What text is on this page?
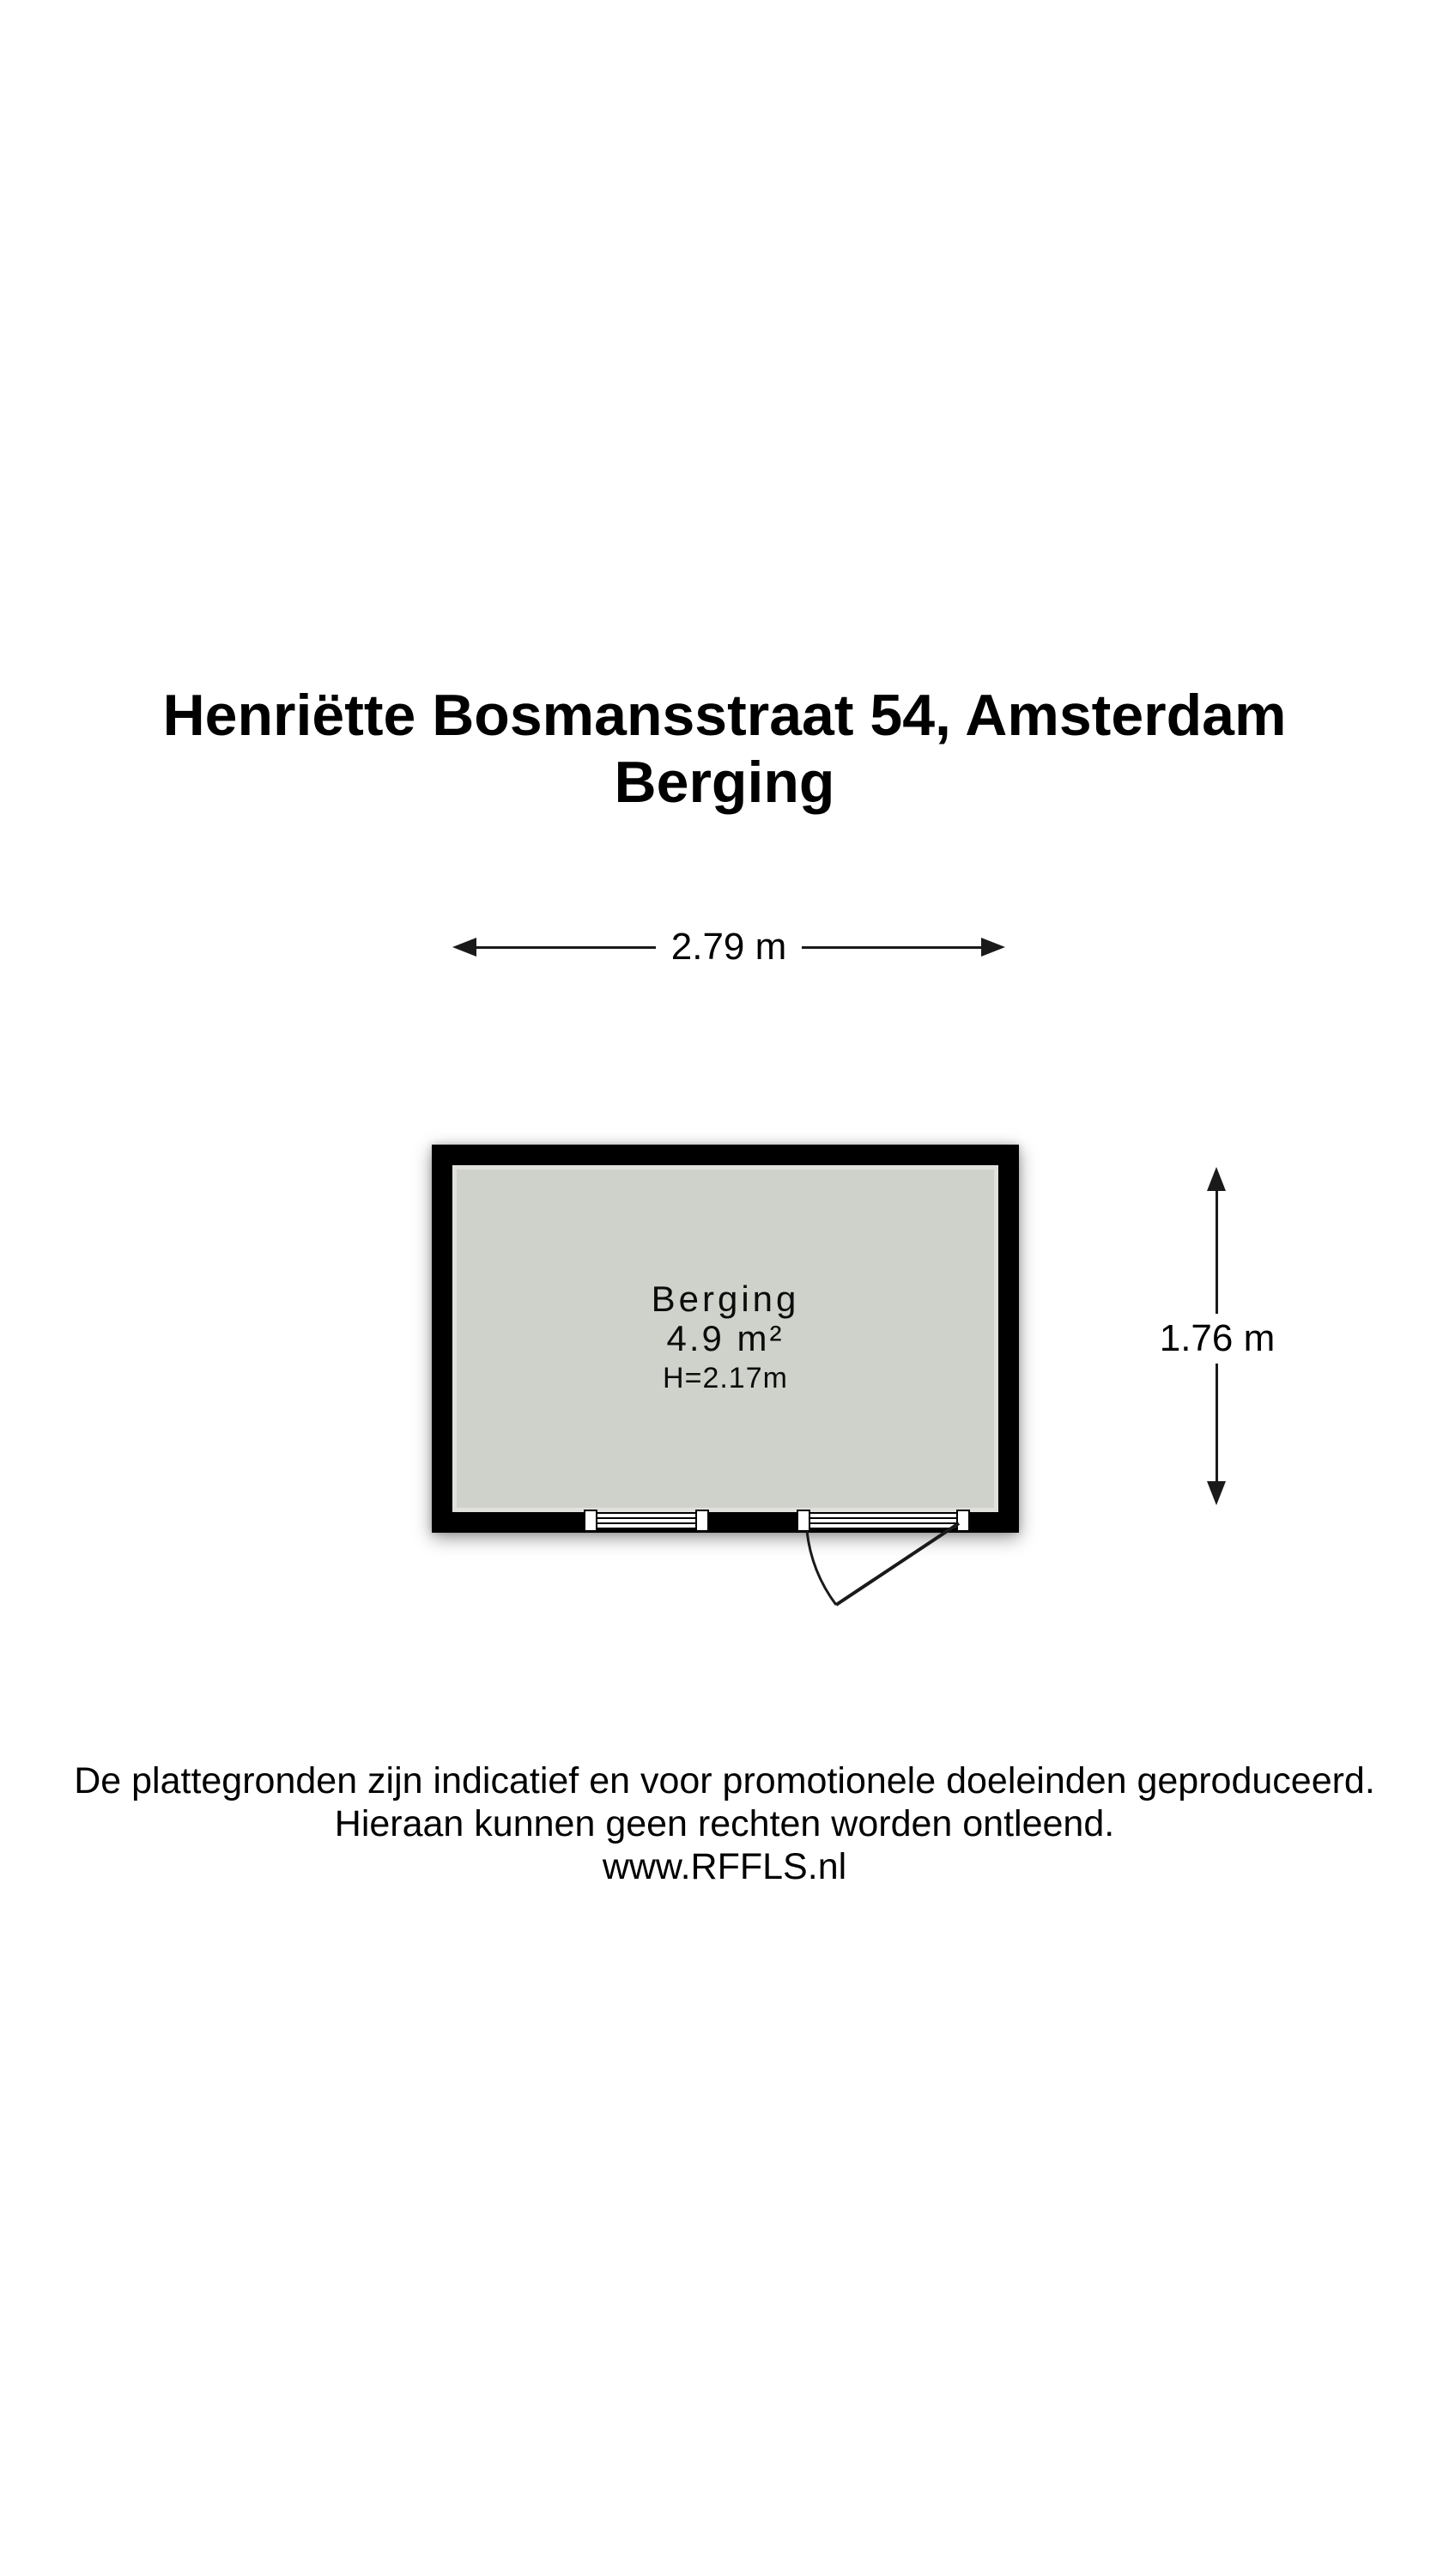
Henriëtte Bosmansstraat 54, Amsterdam
Berging
2.79 m
Berging
4.9 m²
H=2.17m
1.76 m
De plattegronden zijn indicatief en voor promotionele doeleinden geproduceerd.
Hieraan kunnen geen rechten worden ontleend.
www.RFFLS.nl
